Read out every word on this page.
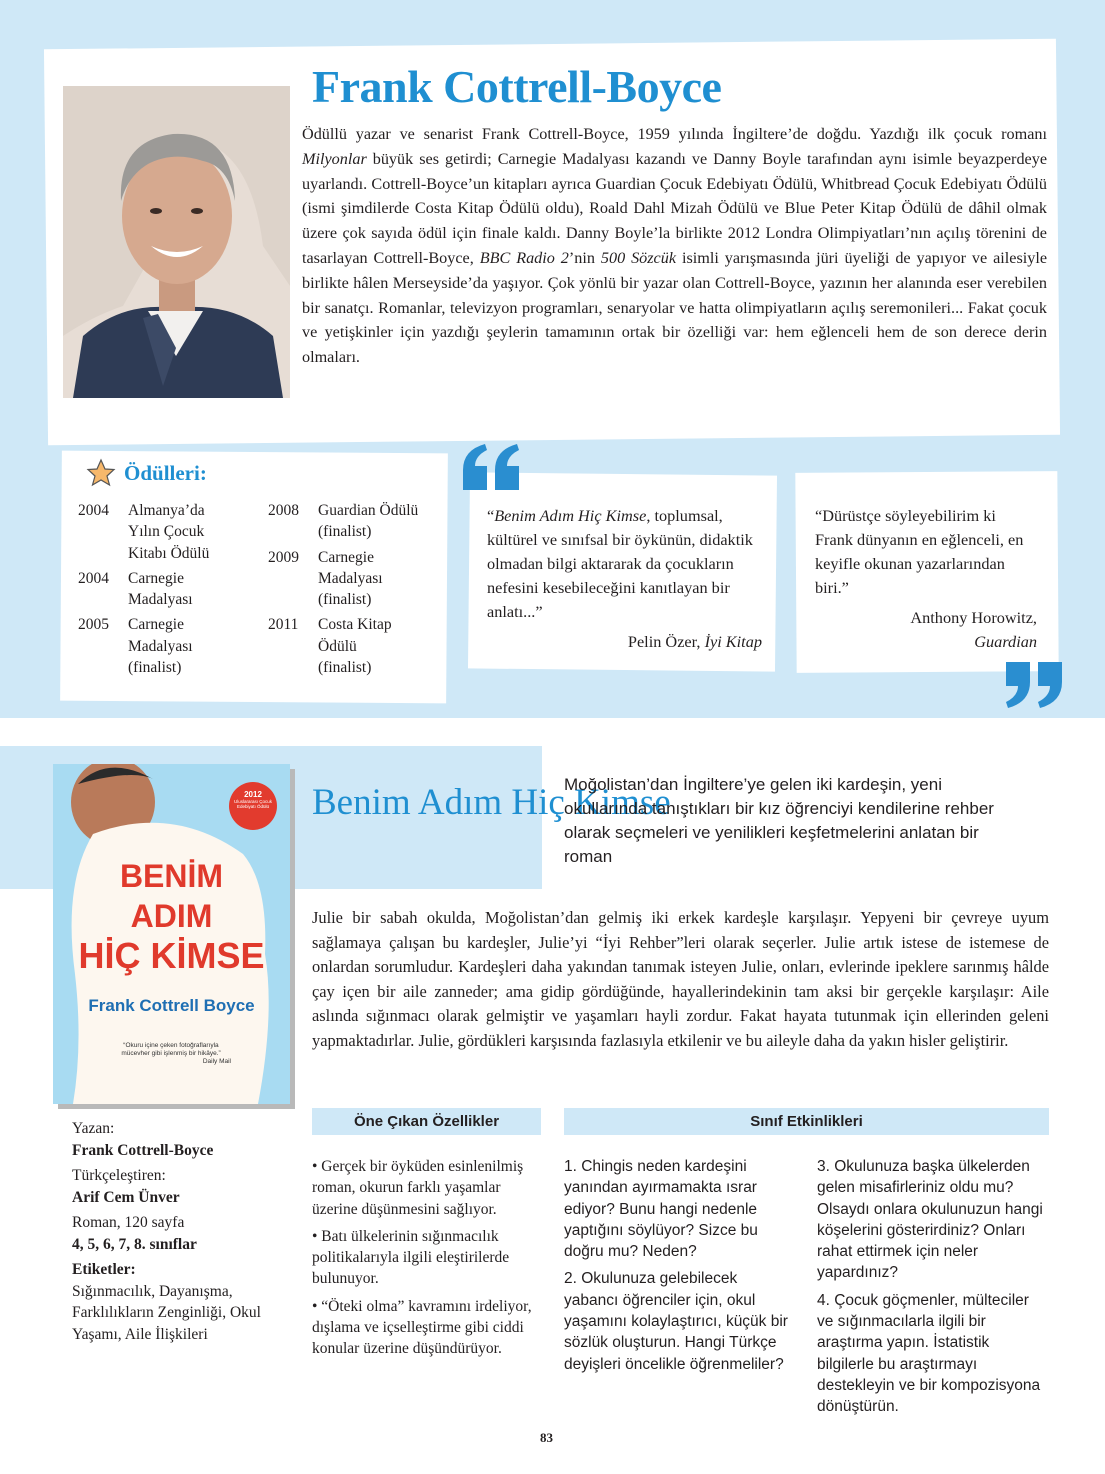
Frank Cottrell-Boyce

Ödüllü yazar ve senarist Frank Cottrell-Boyce, 1959 yılında İngiltere’de doğdu. Yazdığı ilk çocuk romanı Milyonlar büyük ses getirdi; Carnegie Madalyası kazandı ve Danny Boyle tarafından aynı isimle beyazperdeye uyarlandı. Cottrell-Boyce’un kitapları ayrıca Guardian Çocuk Edebiyatı Ödülü, Whitbread Çocuk Edebiyatı Ödülü (ismi şimdilerde Costa Kitap Ödülü oldu), Roald Dahl Mizah Ödülü ve Blue Peter Kitap Ödülü de dâhil olmak üzere çok sayıda ödül için finale kaldı. Danny Boyle’la birlikte 2012 Londra Olimpiyatları’nın açılış törenini de tasarlayan Cottrell-Boyce, BBC Radio 2’nin 500 Sözcük isimli yarışmasında jüri üyeliği de yapıyor ve ailesiyle birlikte hâlen Merseyside’da yaşıyor. Çok yönlü bir yazar olan Cottrell-Boyce, yazının her alanında eser verebilen bir sanatçı. Romanlar, televizyon programları, senaryolar ve hatta olimpiyatların açılış seremonileri... Fakat çocuk ve yetişkinler için yazdığı şeylerin tamamının ortak bir özelliği var: hem eğlenceli hem de son derece derin olmaları.

Ödülleri:
2004	Almanya’da Yılın Çocuk Kitabı Ödülü
2004	Carnegie Madalyası
2005	Carnegie Madalyası (finalist)
2008	Guardian Ödülü (finalist)
2009	Carnegie Madalyası (finalist)
2011	Costa Kitap Ödülü (finalist)
“Benim Adım Hiç Kimse, toplumsal, kültürel ve sınıfsal bir öykünün, didaktik olmadan bilgi aktararak da çocukların nefesini kesebileceğini kanıtlayan bir anlatı...”
Pelin Özer, İyi Kitap
“Dürüstçe söyleyebilirim ki Frank dünyanın en eğlenceli, en keyifle okunan yazarlarından biri.”
Anthony Horowitz,
Guardian
2012
Uluslararası Çocuk Edebiyatı Ödülü
BENİM
ADIM
HİÇ KİMSE
Frank Cottrell Boyce
“Okuru içine çeken fotoğraflarıyla mücevher gibi işlenmiş bir hikâye.”
Daily Mail
Benim Adım Hiç Kimse

Moğolistan’dan İngiltere’ye gelen iki kardeşin, yeni okullarında tanıştıkları bir kız öğrenciyi kendilerine rehber olarak seçmeleri ve yenilikleri keşfetmelerini anlatan bir roman

Julie bir sabah okulda, Moğolistan’dan gelmiş iki erkek kardeşle karşılaşır. Yepyeni bir çevreye uyum sağlamaya çalışan bu kardeşler, Julie’yi “İyi Rehber”leri olarak seçerler. Julie artık istese de istemese de onlardan sorumludur. Kardeşleri daha yakından tanımak isteyen Julie, onları, evlerinde ipeklere sarınmış hâlde çay içen bir aile zanneder; ama gidip gördüğünde, hayallerindekinin tam aksi bir gerçekle karşılaşır: Aile aslında sığınmacı olarak gelmiştir ve yaşamları hayli zordur. Fakat hayata tutunmak için ellerinden geleni yapmaktadırlar. Julie, gördükleri karşısında fazlasıyla etkilenir ve bu aileyle daha da yakın hisler geliştirir.

Yazan:

Frank Cottrell-Boyce

Türkçeleştiren:

Arif Cem Ünver

Roman, 120 sayfa

4, 5, 6, 7, 8. sınıflar

Etiketler:

Sığınmacılık, Dayanışma, Farklılıkların Zenginliği, Okul Yaşamı, Aile İlişkileri

Öne Çıkan Özellikler	Sınıf Etkinlikleri

• Gerçek bir öyküden esinlenilmiş roman, okurun farklı yaşamlar üzerine düşünmesini sağlıyor.

• Batı ülkelerinin sığınmacılık politikalarıyla ilgili eleştirilerde bulunuyor.

• “Öteki olma” kavramını irdeliyor, dışlama ve içselleştirme gibi ciddi konular üzerine düşündürüyor.

1. Chingis neden kardeşini yanından ayırmamakta ısrar ediyor? Bunu hangi nedenle yaptığını söylüyor? Sizce bu doğru mu? Neden?

2. Okulunuza gelebilecek yabancı öğrenciler için, okul yaşamını kolaylaştırıcı, küçük bir sözlük oluşturun. Hangi Türkçe deyişleri öncelikle öğrenmeliler?

3. Okulunuza başka ülkelerden gelen misafirleriniz oldu mu? Olsaydı onlara okulunuzun hangi köşelerini gösterirdiniz? Onları rahat ettirmek için neler yapardınız?

4. Çocuk göçmenler, mülteciler ve sığınmacılarla ilgili bir araştırma yapın. İstatistik bilgilerle bu araştırmayı destekleyin ve bir kompozisyona dönüştürün.

83
